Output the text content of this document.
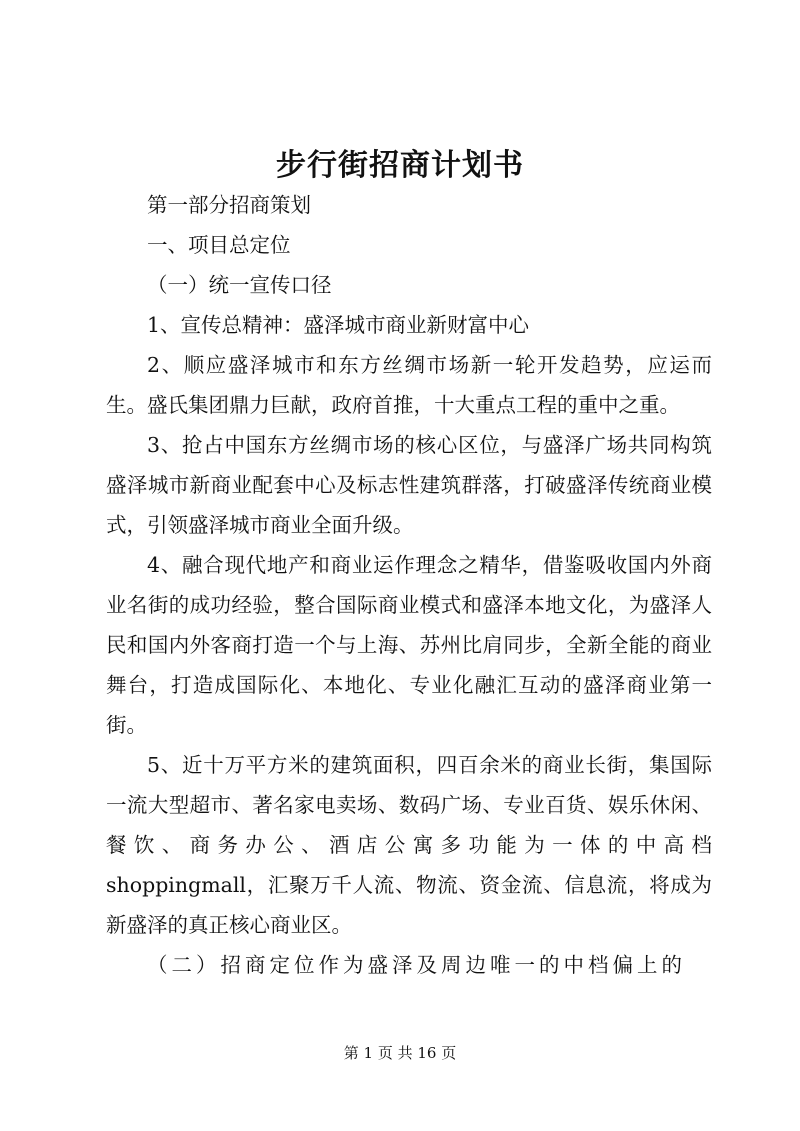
步行街招商计划书

第一部分招商策划

一、项目总定位

（一）统一宣传口径

1、宣传总精神：盛泽城市商业新财富中心

2、顺应盛泽城市和东方丝绸市场新一轮开发趋势，应运而生。盛氏集团鼎力巨献，政府首推，十大重点工程的重中之重。

3、抢占中国东方丝绸市场的核心区位，与盛泽广场共同构筑盛泽城市新商业配套中心及标志性建筑群落，打破盛泽传统商业模式，引领盛泽城市商业全面升级。

4、融合现代地产和商业运作理念之精华，借鉴吸收国内外商业名街的成功经验，整合国际商业模式和盛泽本地文化，为盛泽人民和国内外客商打造一个与上海、苏州比肩同步，全新全能的商业舞台，打造成国际化、本地化、专业化融汇互动的盛泽商业第一街。

5、近十万平方米的建筑面积，四百余米的商业长街，集国际一流大型超市、著名家电卖场、数码广场、专业百货、娱乐休闲、餐饮、商务办公、酒店公寓多功能为一体的中高档shoppingmall，汇聚万千人流、物流、资金流、信息流，将成为新盛泽的真正核心商业区。

（二）招商定位作为盛泽及周边唯一的中档偏上的

第 1 页 共 16 页
